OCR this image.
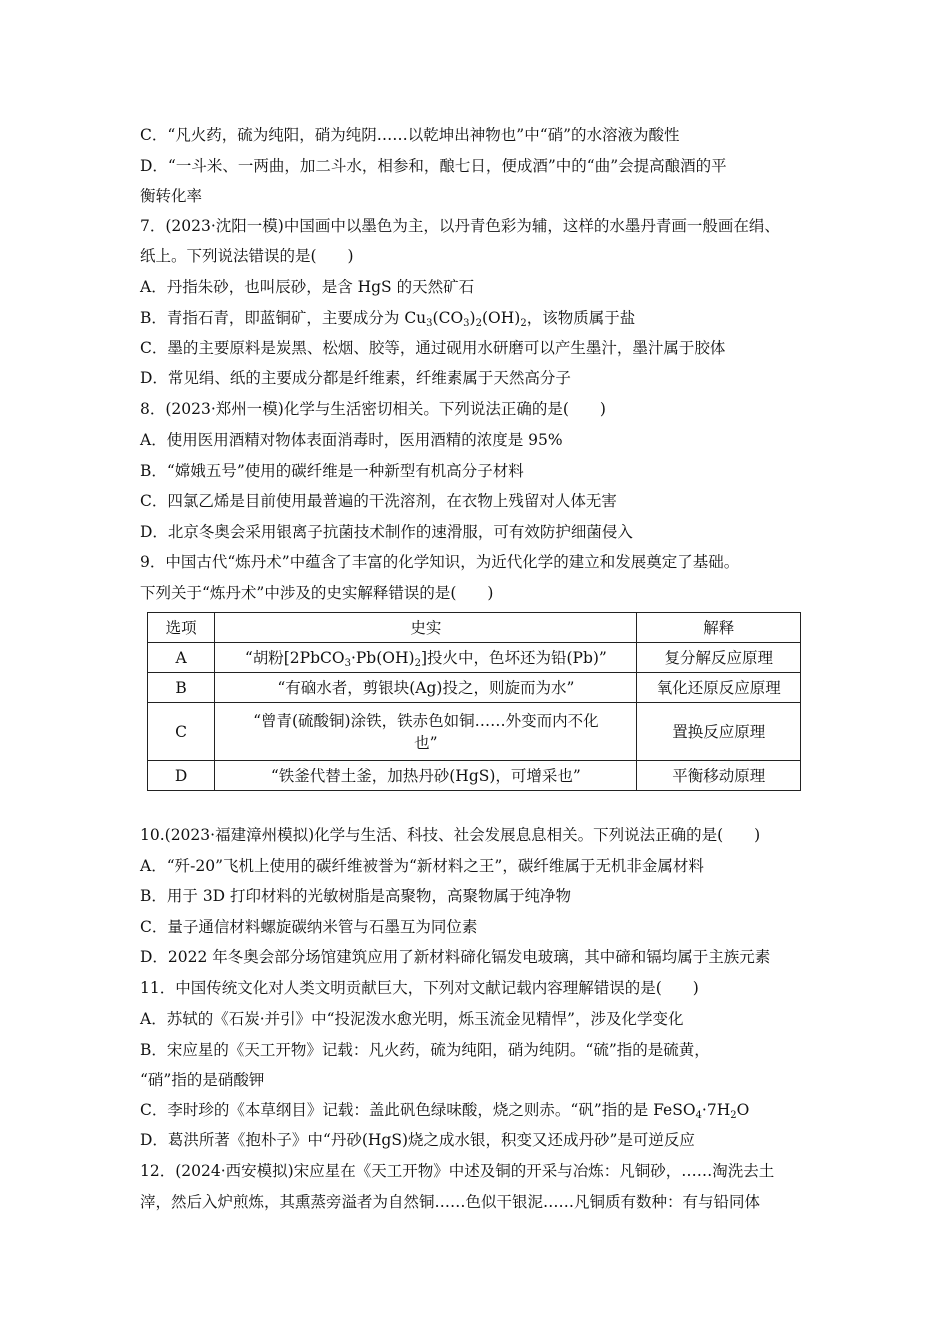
C．“凡火药，硫为纯阳，硝为纯阴……以乾坤出神物也”中“硝”的水溶液为酸性
D．“一斗米、一两曲，加二斗水，相参和，酿七日，便成酒”中的“曲”会提高酿酒的平
衡转化率
7．(2023·沈阳一模)中国画中以墨色为主，以丹青色彩为辅，这样的水墨丹青画一般画在绢、
纸上。下列说法错误的是(　　)
A．丹指朱砂，也叫辰砂，是含 HgS 的天然矿石
B．青指石青，即蓝铜矿，主要成分为 $Cu_3(CO_3)_2(OH)_2$，该物质属于盐
C．墨的主要原料是炭黑、松烟、胶等，通过砚用水研磨可以产生墨汁，墨汁属于胶体
D．常见绢、纸的主要成分都是纤维素，纤维素属于天然高分子
8．(2023·郑州一模)化学与生活密切相关。下列说法正确的是(　　)
A．使用医用酒精对物体表面消毒时，医用酒精的浓度是 95%
B．“嫦娥五号”使用的碳纤维是一种新型有机高分子材料
C．四氯乙烯是目前使用最普遍的干洗溶剂，在衣物上残留对人体无害
D．北京冬奥会采用银离子抗菌技术制作的速滑服，可有效防护细菌侵入
9．中国古代“炼丹术”中蕴含了丰富的化学知识，为近代化学的建立和发展奠定了基础。
下列关于“炼丹术”中涉及的史实解释错误的是(　　)
选项	史实	解释
A	“胡粉$[2PbCO_3\cdot Pb(OH)_2]$投火中，色坏还为铅(Pb)”	复分解反应原理
B	“有硇水者，剪银块(Ag)投之，则旋而为水”	氧化还原反应原理
C	“曾青(硫酸铜)涂铁，铁赤色如铜……外变而内不化
也”	置换反应原理
D	“铁釜代替土釜，加热丹砂(HgS)，可增采也”	平衡移动原理
10.(2023·福建漳州模拟)化学与生活、科技、社会发展息息相关。下列说法正确的是(　　)
A．“歼-20”飞机上使用的碳纤维被誉为“新材料之王”，碳纤维属于无机非金属材料
B．用于 3D 打印材料的光敏树脂是高聚物，高聚物属于纯净物
C．量子通信材料螺旋碳纳米管与石墨互为同位素
D．2022 年冬奥会部分场馆建筑应用了新材料碲化镉发电玻璃，其中碲和镉均属于主族元素
11．中国传统文化对人类文明贡献巨大，下列对文献记载内容理解错误的是(　　)
A．苏轼的《石炭·并引》中“投泥泼水愈光明，烁玉流金见精悍”，涉及化学变化
B．宋应星的《天工开物》记载：凡火药，硫为纯阳，硝为纯阴。“硫”指的是硫黄，
“硝”指的是硝酸钾
C．李时珍的《本草纲目》记载：盖此矾色绿味酸，烧之则赤。“矾”指的是 $FeSO_4\cdot 7H_2O$
D．葛洪所著《抱朴子》中“丹砂(HgS)烧之成水银，积变又还成丹砂”是可逆反应
12．(2024·西安模拟)宋应星在《天工开物》中述及铜的开采与冶炼：凡铜砂，……淘洗去土
滓，然后入炉煎炼，其熏蒸旁溢者为自然铜……色似干银泥……凡铜质有数种：有与铅同体
